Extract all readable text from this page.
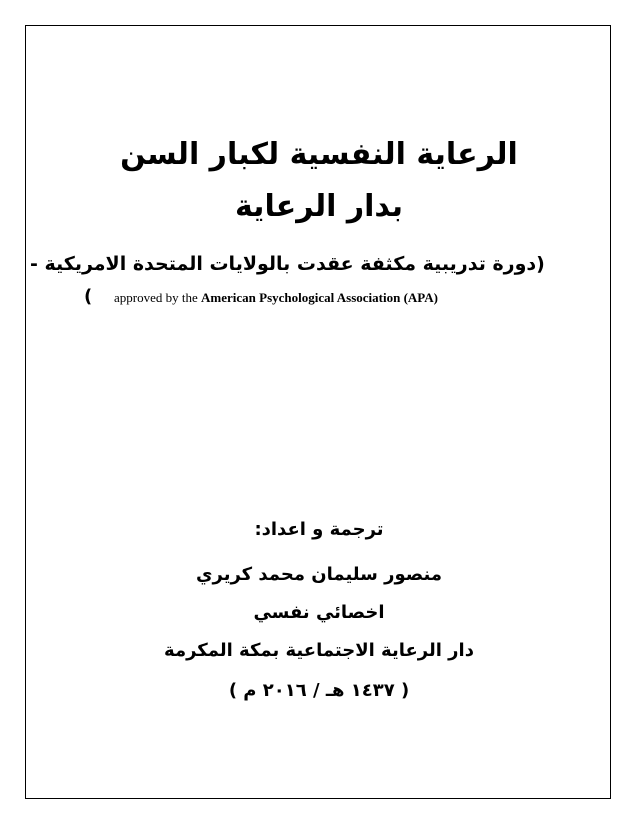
الرعاية النفسية لكبار السن
بدار الرعاية
(دورة تدريبية مكثفة عقدت بالولايات المتحدة الامريكية -
( approved by the American Psychological Association (APA)
ترجمة و اعداد:
منصور سليمان محمد كريري
اخصائي نفسي
دار الرعاية الاجتماعية بمكة المكرمة
( ١٤٣٧ هـ / ٢٠١٦ م )
